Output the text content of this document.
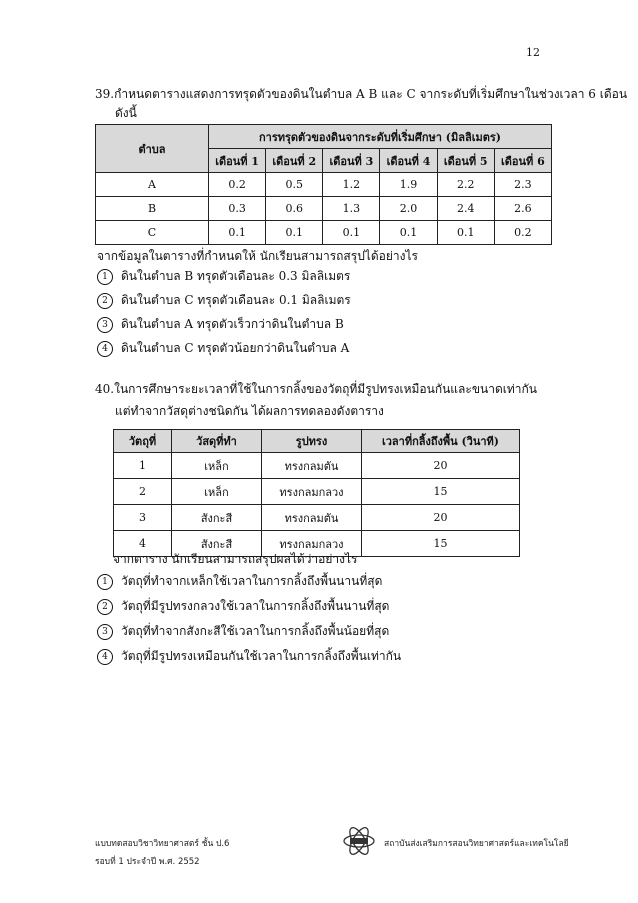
12
39.กำหนดตารางแสดงการทรุดตัวของดินในตำบล A B และ C จากระดับที่เริ่มศึกษาในช่วงเวลา 6 เดือน
ดังนี้
ตำบล	การทรุดตัวของดินจากระดับที่เริ่มศึกษา (มิลลิเมตร)					
	เดือนที่ 1	เดือนที่ 2	เดือนที่ 3	เดือนที่ 4	เดือนที่ 5	เดือนที่ 6
A	0.2	0.5	1.2	1.9	2.2	2.3
B	0.3	0.6	1.3	2.0	2.4	2.6
C	0.1	0.1	0.1	0.1	0.1	0.2
จากข้อมูลในตารางที่กำหนดให้ นักเรียนสามารถสรุปได้อย่างไร
1 ดินในตำบล B ทรุดตัวเดือนละ 0.3 มิลลิเมตร
2 ดินในตำบล C ทรุดตัวเดือนละ 0.1 มิลลิเมตร
3 ดินในตำบล A ทรุดตัวเร็วกว่าดินในตำบล B
4 ดินในตำบล C ทรุดตัวน้อยกว่าดินในตำบล A
40.ในการศึกษาระยะเวลาที่ใช้ในการกลิ้งของวัตถุที่มีรูปทรงเหมือนกันและขนาดเท่ากัน
แต่ทำจากวัสดุต่างชนิดกัน ได้ผลการทดลองดังตาราง
วัตถุที่	วัสดุที่ทำ	รูปทรง	เวลาที่กลิ้งถึงพื้น (วินาที)
1	เหล็ก	ทรงกลมตัน	20
2	เหล็ก	ทรงกลมกลวง	15
3	สังกะสี	ทรงกลมตัน	20
4	สังกะสี	ทรงกลมกลวง	15
จากตาราง นักเรียนสามารถสรุปผลได้ว่าอย่างไร
1 วัตถุที่ทำจากเหล็กใช้เวลาในการกลิ้งถึงพื้นนานที่สุด
2 วัตถุที่มีรูปทรงกลวงใช้เวลาในการกลิ้งถึงพื้นนานที่สุด
3 วัตถุที่ทำจากสังกะสีใช้เวลาในการกลิ้งถึงพื้นน้อยที่สุด
4 วัตถุที่มีรูปทรงเหมือนกันใช้เวลาในการกลิ้งถึงพื้นเท่ากัน
แบบทดสอบวิชาวิทยาศาสตร์ ชั้น ป.6
รอบที่ 1 ประจำปี พ.ศ. 2552
สถาบันส่งเสริมการสอนวิทยาศาสตร์และเทคโนโลยี
